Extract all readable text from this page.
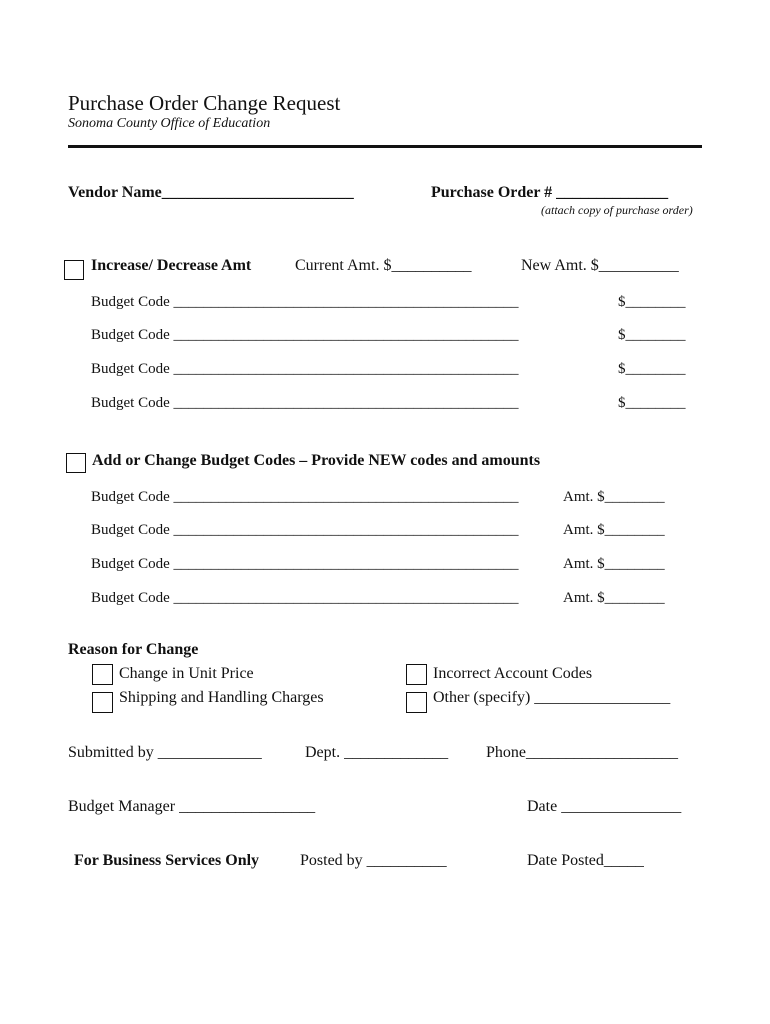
Purchase Order Change Request
Sonoma County Office of Education
Vendor Name________________________	Purchase Order # ______________
(attach copy of purchase order)
Increase/ Decrease Amt	Current Amt. $__________	New Amt. $__________
Budget Code ______________________________________________	$________
Budget Code ______________________________________________	$________
Budget Code ______________________________________________	$________
Budget Code ______________________________________________	$________
Add or Change Budget Codes – Provide NEW codes and amounts
Budget Code ______________________________________________	Amt. $________
Budget Code ______________________________________________	Amt. $________
Budget Code ______________________________________________	Amt. $________
Budget Code ______________________________________________	Amt. $________
Reason for Change
Change in Unit Price	Incorrect Account Codes
Shipping and Handling Charges	Other (specify) _________________
Submitted by _____________	Dept. _____________ Phone___________________
Budget Manager _________________	Date _______________
For Business Services Only	Posted by __________	Date Posted_____
